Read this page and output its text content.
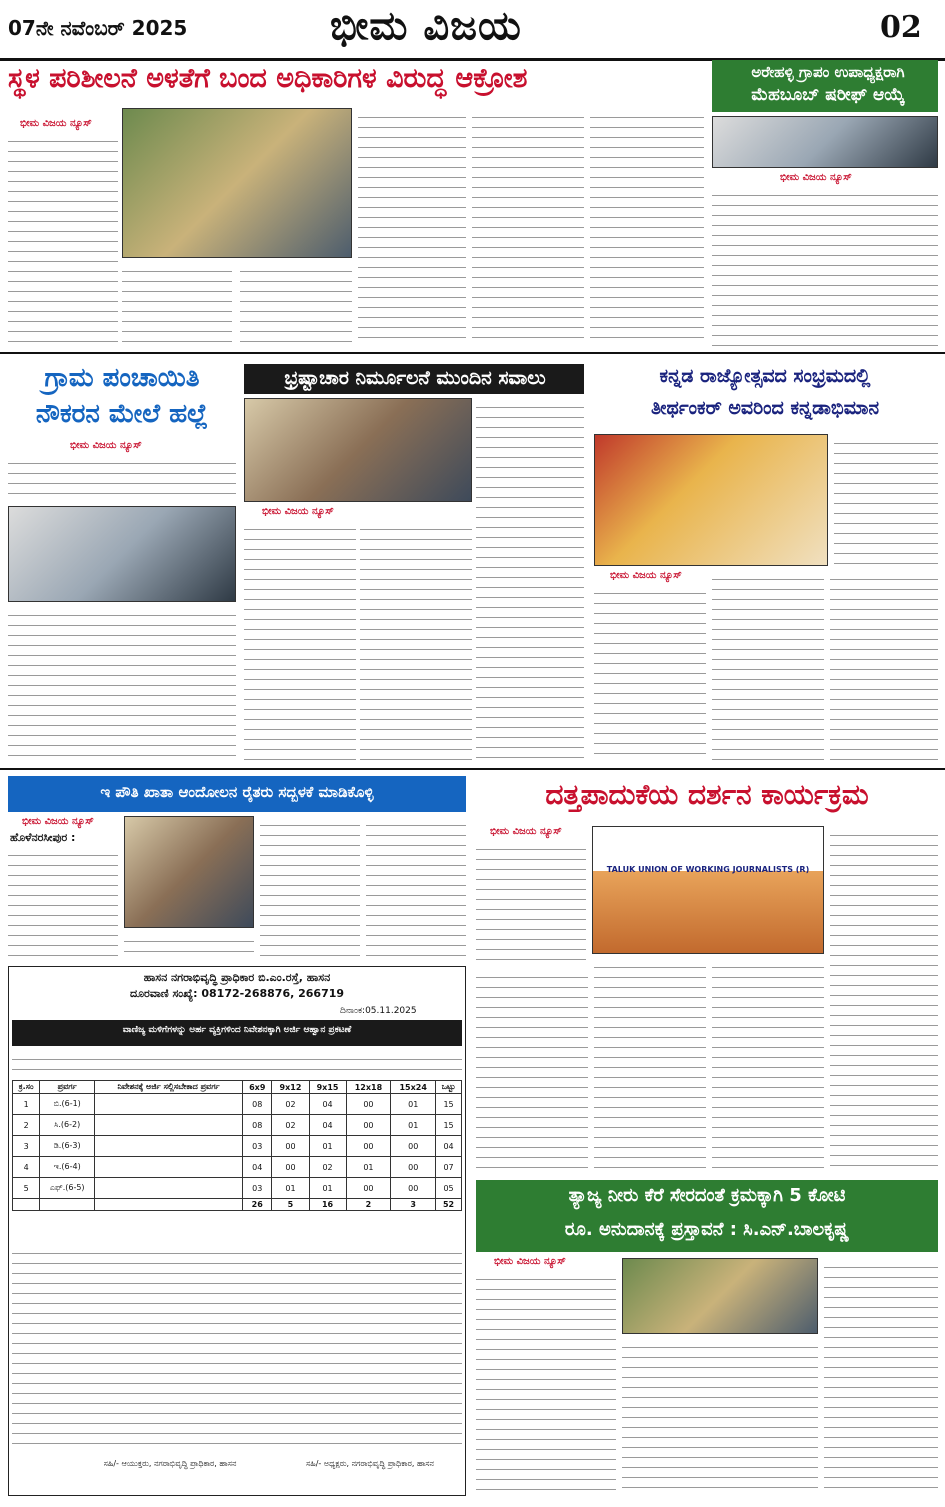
07ನೇ ನವೆಂಬರ್ 2025	ಭೀಮ ವಿಜಯ	02
ಸ್ಥಳ ಪರಿಶೀಲನೆ ಅಳತೆಗೆ ಬಂದ ಅಧಿಕಾರಿಗಳ ವಿರುದ್ಧ ಆಕ್ರೋಶ	ಅರೇಹಳ್ಳಿ ಗ್ರಾಪಂ ಉಪಾಧ್ಯಕ್ಷರಾಗಿ
ಮೆಹಬೂಬ್ ಷರೀಫ್ ಆಯ್ಕೆ
ಭೀಮ ವಿಜಯ ನ್ಯೂಸ್
ಭೀಮ ವಿಜಯ ನ್ಯೂಸ್
ಗ್ರಾಮ ಪಂಚಾಯಿತಿ
ನೌಕರನ ಮೇಲೆ ಹಲ್ಲೆ
ಭೀಮ ವಿಜಯ ನ್ಯೂಸ್
ಭ್ರಷ್ಟಾಚಾರ ನಿರ್ಮೂಲನೆ ಮುಂದಿನ ಸವಾಲು
ಭೀಮ ವಿಜಯ ನ್ಯೂಸ್
ಕನ್ನಡ ರಾಜ್ಯೋತ್ಸವದ ಸಂಭ್ರಮದಲ್ಲಿ
ತೀರ್ಥಂಕರ್ ಅವರಿಂದ ಕನ್ನಡಾಭಿಮಾನ
ಭೀಮ ವಿಜಯ ನ್ಯೂಸ್
ಇ ಪೌತಿ ಖಾತಾ ಆಂದೋಲನ ರೈತರು ಸದ್ಬಳಕೆ ಮಾಡಿಕೊಳ್ಳಿ
ಭೀಮ ವಿಜಯ ನ್ಯೂಸ್
ಹೊಳೆನರಸೀಪುರ :
ಹಾಸನ ನಗರಾಭಿವೃದ್ಧಿ ಪ್ರಾಧಿಕಾರ ಬಿ.ಎಂ.ರಸ್ತೆ, ಹಾಸನ
ದೂರವಾಣಿ ಸಂಖ್ಯೆ: 08172-268876, 266719
ದಿನಾಂಕ:05.11.2025
ವಾಣಿಜ್ಯ ಮಳಿಗೆಗಳನ್ನು ಅರ್ಹ ವ್ಯಕ್ತಿಗಳಿಂದ ನಿವೇಶನಕ್ಕಾಗಿ ಅರ್ಜಿ ಆಹ್ವಾನ ಪ್ರಕಟಣೆ
ಕ್ರ.ಸಂ	ಪ್ರವರ್ಗ	ನಿವೇಶನಕ್ಕೆ ಅರ್ಜಿ ಸಲ್ಲಿಸಬೇಕಾದ ಪ್ರವರ್ಗ	6x9	9x12	9x15	12x18	15x24	ಒಟ್ಟು
1	ಬಿ.(6-1)		08	02	04	00	01	15
2	ಸಿ.(6-2)		08	02	04	00	01	15
3	ಡಿ.(6-3)		03	00	01	00	00	04
4	ಇ.(6-4)		04	00	02	01	00	07
5	ಎಫ್.(6-5)		03	01	01	00	00	05
			26	5	16	2	3	52
ಸಹಿ/- ಆಯುಕ್ತರು, ನಗರಾಭಿವೃದ್ಧಿ ಪ್ರಾಧಿಕಾರ, ಹಾಸನ	ಸಹಿ/- ಅಧ್ಯಕ್ಷರು, ನಗರಾಭಿವೃದ್ಧಿ ಪ್ರಾಧಿಕಾರ, ಹಾಸನ
ದತ್ತಪಾದುಕೆಯ ದರ್ಶನ ಕಾರ್ಯಕ್ರಮ
ಭೀಮ ವಿಜಯ ನ್ಯೂಸ್
TALUK UNION OF WORKING JOURNALISTS (R)
ತ್ಯಾಜ್ಯ ನೀರು ಕೆರೆ ಸೇರದಂತೆ ಕ್ರಮಕ್ಕಾಗಿ 5 ಕೋಟಿ
ರೂ. ಅನುದಾನಕ್ಕೆ ಪ್ರಸ್ತಾವನೆ : ಸಿ.ಎನ್.ಬಾಲಕೃಷ್ಣ
ಭೀಮ ವಿಜಯ ನ್ಯೂಸ್
